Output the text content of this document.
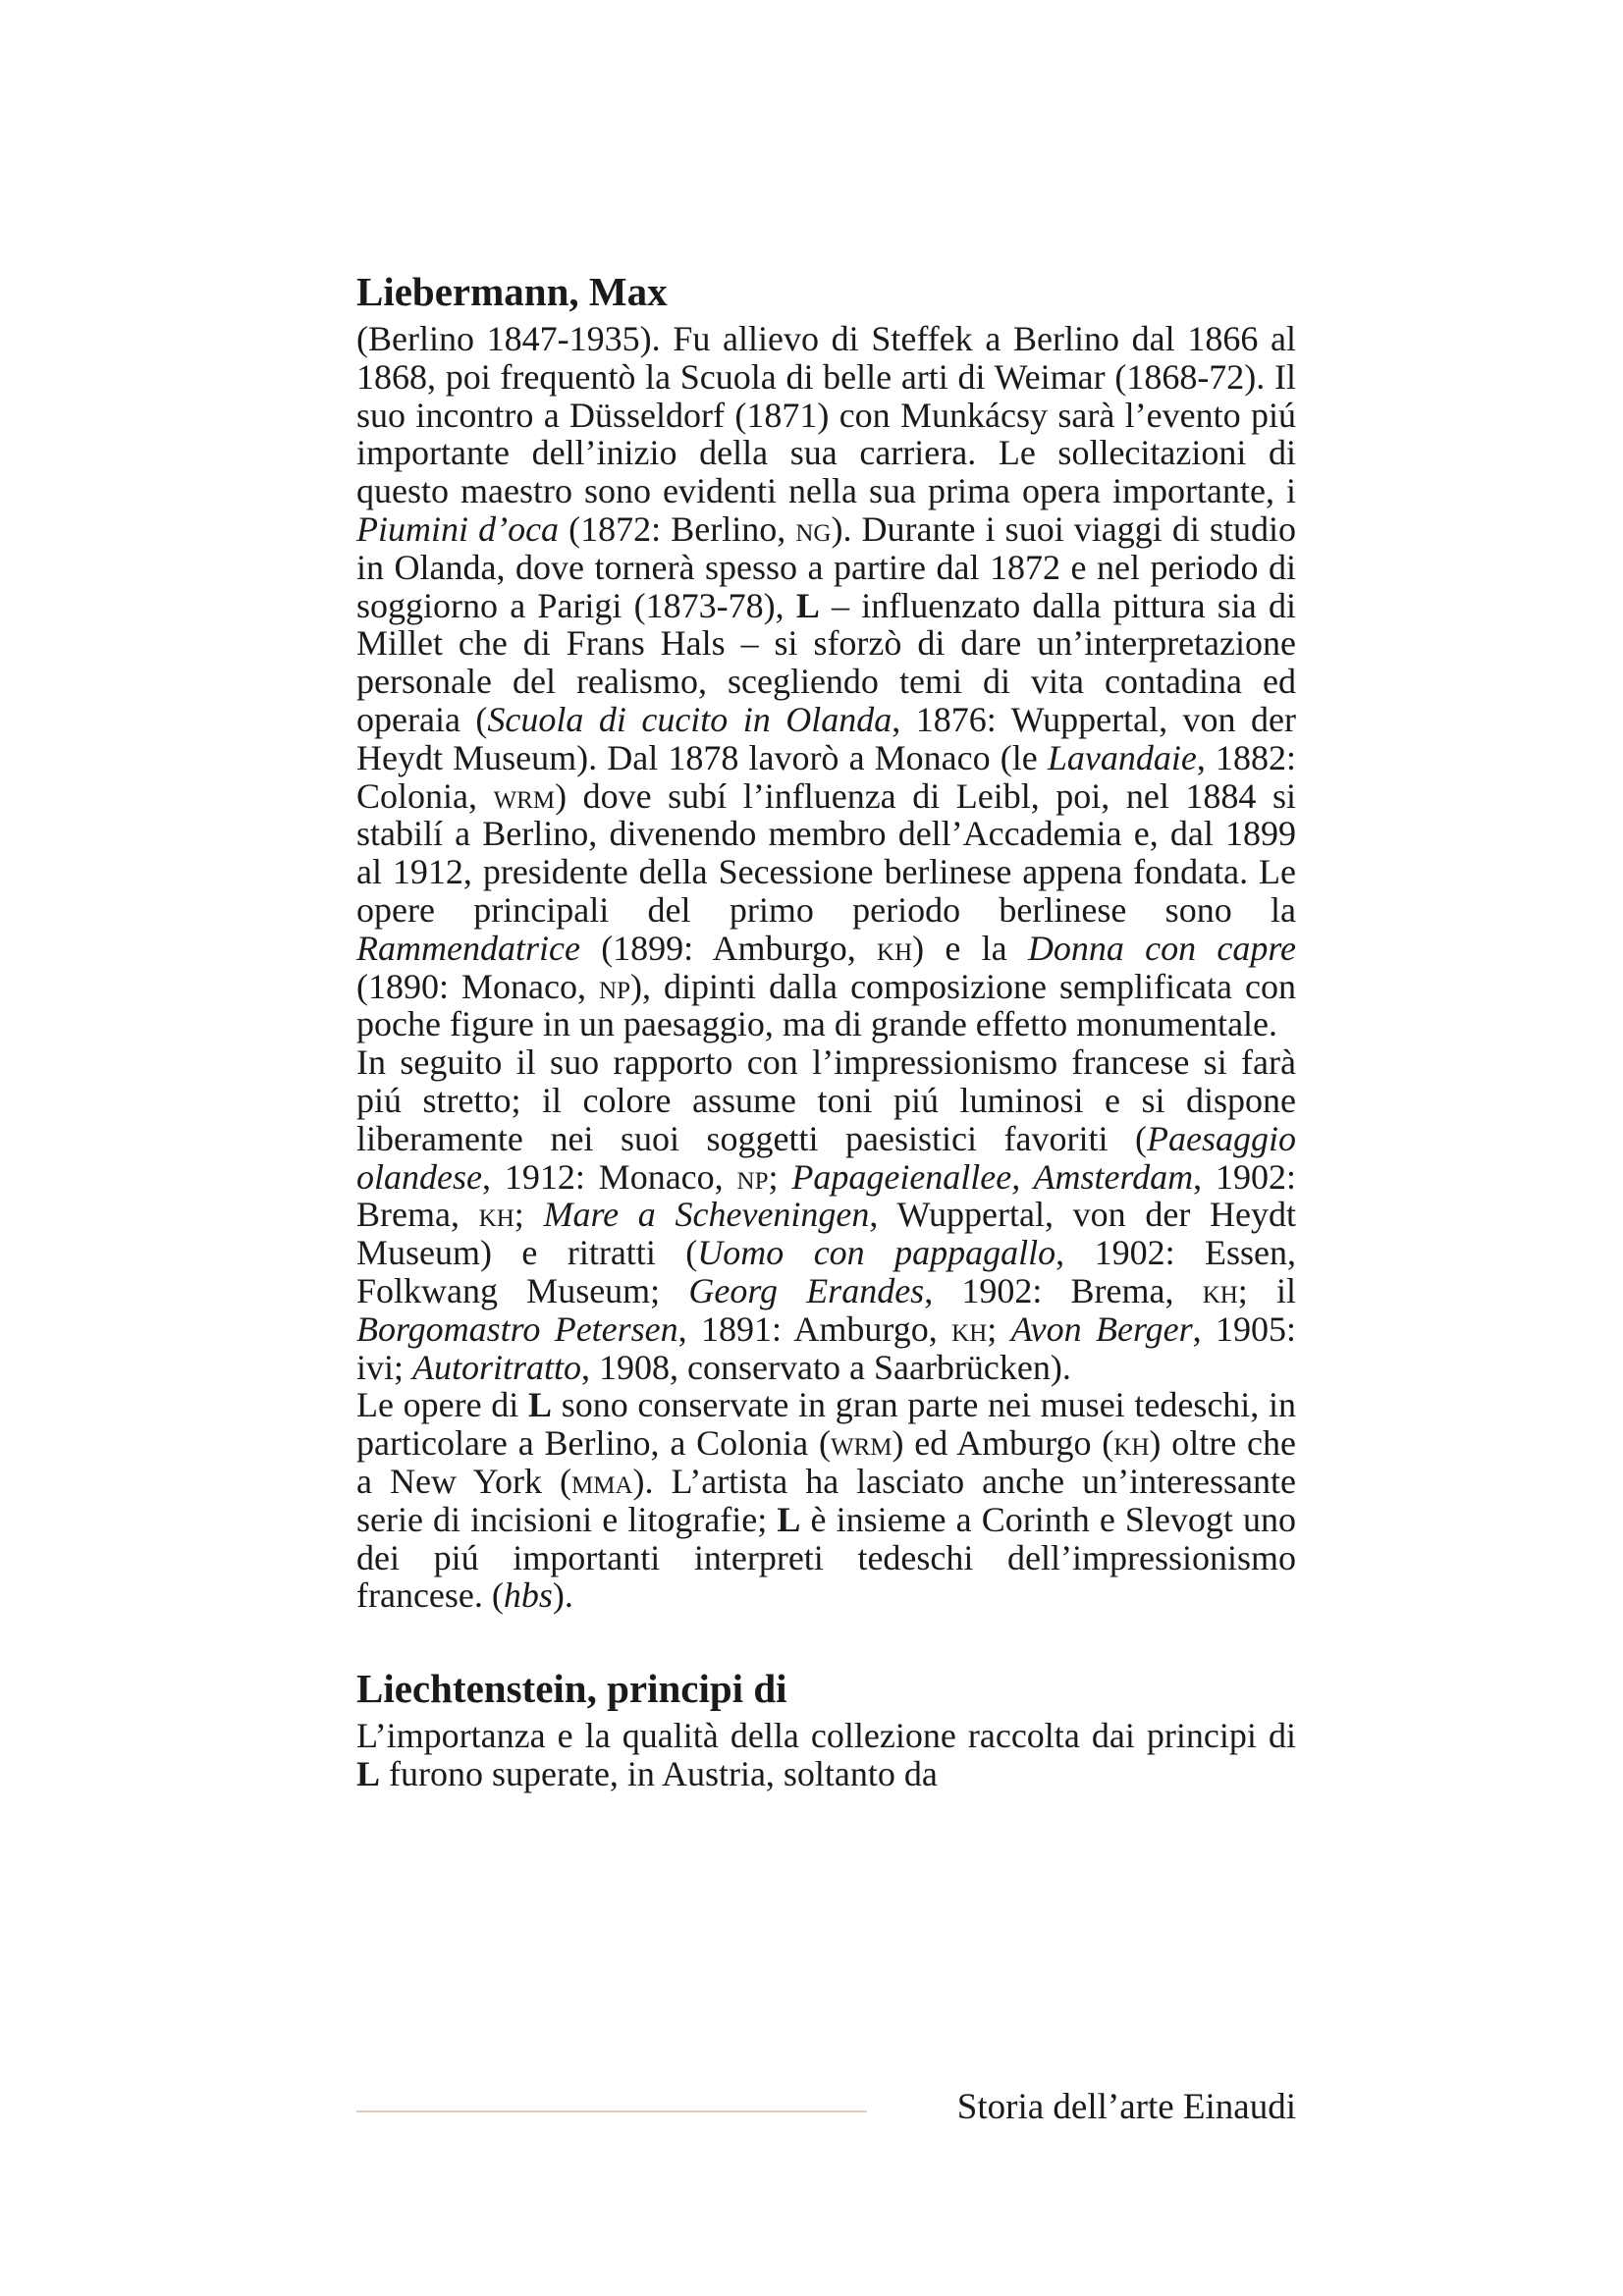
Liebermann, Max

(Berlino 1847-1935). Fu allievo di Steffek a Berlino dal 1866 al 1868, poi frequentò la Scuola di belle arti di Weimar (1868-72). Il suo incontro a Düsseldorf (1871) con Munkácsy sarà l’evento piú importante dell’inizio della sua carriera. Le sollecitazioni di questo maestro sono evidenti nella sua prima opera importante, i Piumini d’oca (1872: Berlino, ng). Durante i suoi viaggi di studio in Olanda, dove tornerà spesso a partire dal 1872 e nel periodo di soggiorno a Parigi (1873-78), L – influenzato dalla pittura sia di Millet che di Frans Hals – si sforzò di dare un’interpretazione personale del realismo, scegliendo temi di vita contadina ed operaia (Scuola di cucito in Olanda, 1876: Wuppertal, von der Heydt Museum). Dal 1878 lavorò a Monaco (le Lavandaie, 1882: Colonia, wrm) dove subí l’influenza di Leibl, poi, nel 1884 si stabilí a Berlino, divenendo membro dell’Accademia e, dal 1899 al 1912, presidente della Secessione berlinese appena fondata. Le opere principali del primo periodo berlinese sono la Rammendatrice (1899: Amburgo, kh) e la Donna con capre (1890: Monaco, np), dipinti dalla composizione semplificata con poche figure in un paesaggio, ma di grande effetto monumentale.

In seguito il suo rapporto con l’impressionismo francese si farà piú stretto; il colore assume toni piú luminosi e si dispone liberamente nei suoi soggetti paesistici favoriti (Paesaggio olandese, 1912: Monaco, np; Papageienallee, Amsterdam, 1902: Brema, kh; Mare a Scheveningen, Wuppertal, von der Heydt Museum) e ritratti (Uomo con pappagallo, 1902: Essen, Folkwang Museum; Georg Erandes, 1902: Brema, kh; il Borgomastro Petersen, 1891: Amburgo, kh; Avon Berger, 1905: ivi; Autoritratto, 1908, conservato a Saarbrücken).

Le opere di L sono conservate in gran parte nei musei tedeschi, in particolare a Berlino, a Colonia (wrm) ed Amburgo (kh) oltre che a New York (mma). L’artista ha lasciato anche un’interessante serie di incisioni e litografie; L è insieme a Corinth e Slevogt uno dei piú importanti interpreti tedeschi dell’impressionismo francese. (hbs).

Liechtenstein, principi di

L’importanza e la qualità della collezione raccolta dai principi di L furono superate, in Austria, soltanto da

Storia dell’arte Einaudi
